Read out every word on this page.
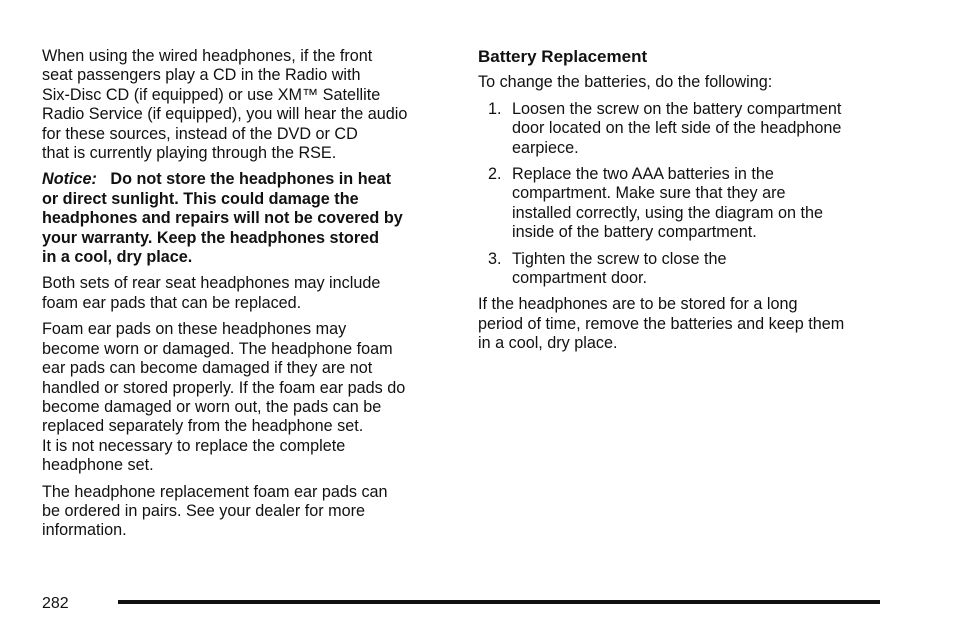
When using the wired headphones, if the front
seat passengers play a CD in the Radio with
Six-Disc CD (if equipped) or use XM™ Satellite
Radio Service (if equipped), you will hear the audio
for these sources, instead of the DVD or CD
that is currently playing through the RSE.

Notice: Do not store the headphones in heat
or direct sunlight. This could damage the
headphones and repairs will not be covered by
your warranty. Keep the headphones stored
in a cool, dry place.

Both sets of rear seat headphones may include
foam ear pads that can be replaced.

Foam ear pads on these headphones may
become worn or damaged. The headphone foam
ear pads can become damaged if they are not
handled or stored properly. If the foam ear pads do
become damaged or worn out, the pads can be
replaced separately from the headphone set.
It is not necessary to replace the complete
headphone set.

The headphone replacement foam ear pads can
be ordered in pairs. See your dealer for more
information.

Battery Replacement

To change the batteries, do the following:

1. Loosen the screw on the battery compartment
door located on the left side of the headphone
earpiece.
2. Replace the two AAA batteries in the
compartment. Make sure that they are
installed correctly, using the diagram on the
inside of the battery compartment.
3. Tighten the screw to close the
compartment door.

If the headphones are to be stored for a long
period of time, remove the batteries and keep them
in a cool, dry place.

282
